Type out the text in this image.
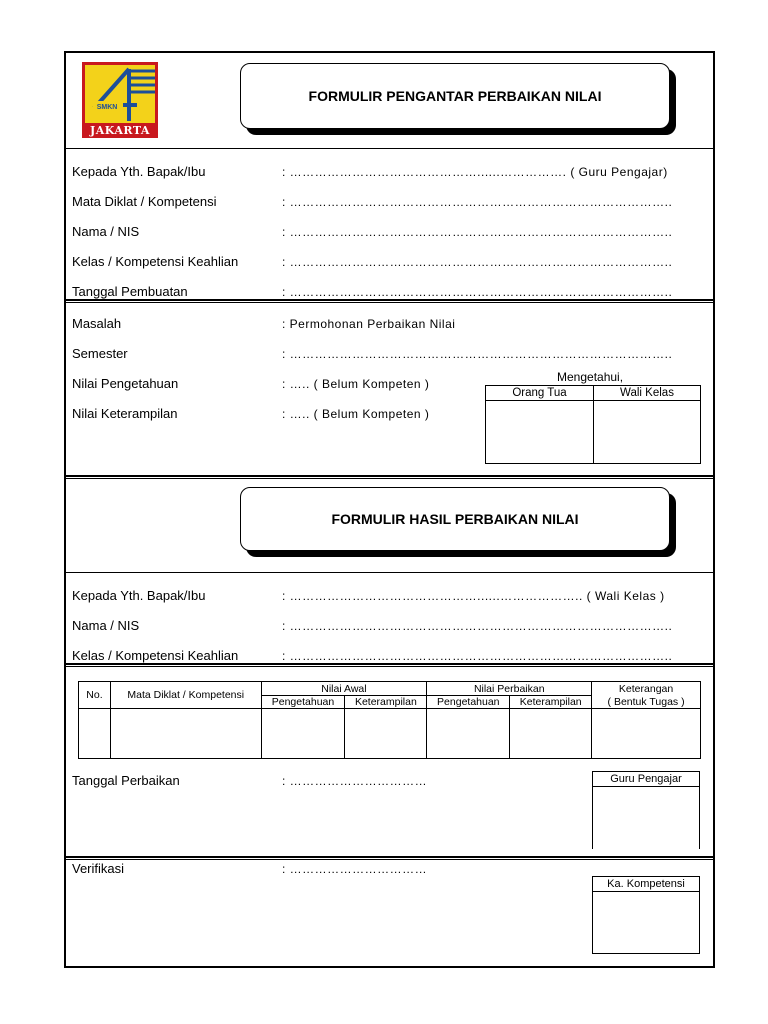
SMKN
JAKARTA
FORMULIR PENGANTAR PERBAIKAN NILAI
Kepada Yth. Bapak/Ibu	: ………………………………………......……………. ( Guru Pengajar)
Mata Diklat / Kompetensi	: ………………………………………………………………………………..
Nama / NIS	: ………………………………………………………………………………..
Kelas / Kompetensi Keahlian	: ………………………………………………………………………………..
Tanggal Pembuatan	: ………………………………………………………………………………..
Masalah	: Permohonan Perbaikan Nilai
Semester	: ………………………………………………………………………………..
Nilai Pengetahuan	: ….. ( Belum Kompeten )
Nilai Keterampilan	: ….. ( Belum Kompeten )
Mengetahui,
Orang Tua	Wali Kelas
FORMULIR HASIL PERBAIKAN NILAI
Kepada Yth. Bapak/Ibu	: ………………………………………......……………….. ( Wali Kelas )
Nama / NIS	: ………………………………………………………………………………..
Kelas / Kompetensi Keahlian	: ………………………………………………………………………………..
No.	Mata Diklat / Kompetensi	Nilai Awal		Nilai Perbaikan		Keterangan
		Pengetahuan	Keterampilan	Pengetahuan	Keterampilan	( Bentuk Tugas )

Tanggal Perbaikan	: ……………………………	Guru Pengajar
Verifikasi	: ……………………………
Ka. Kompetensi
